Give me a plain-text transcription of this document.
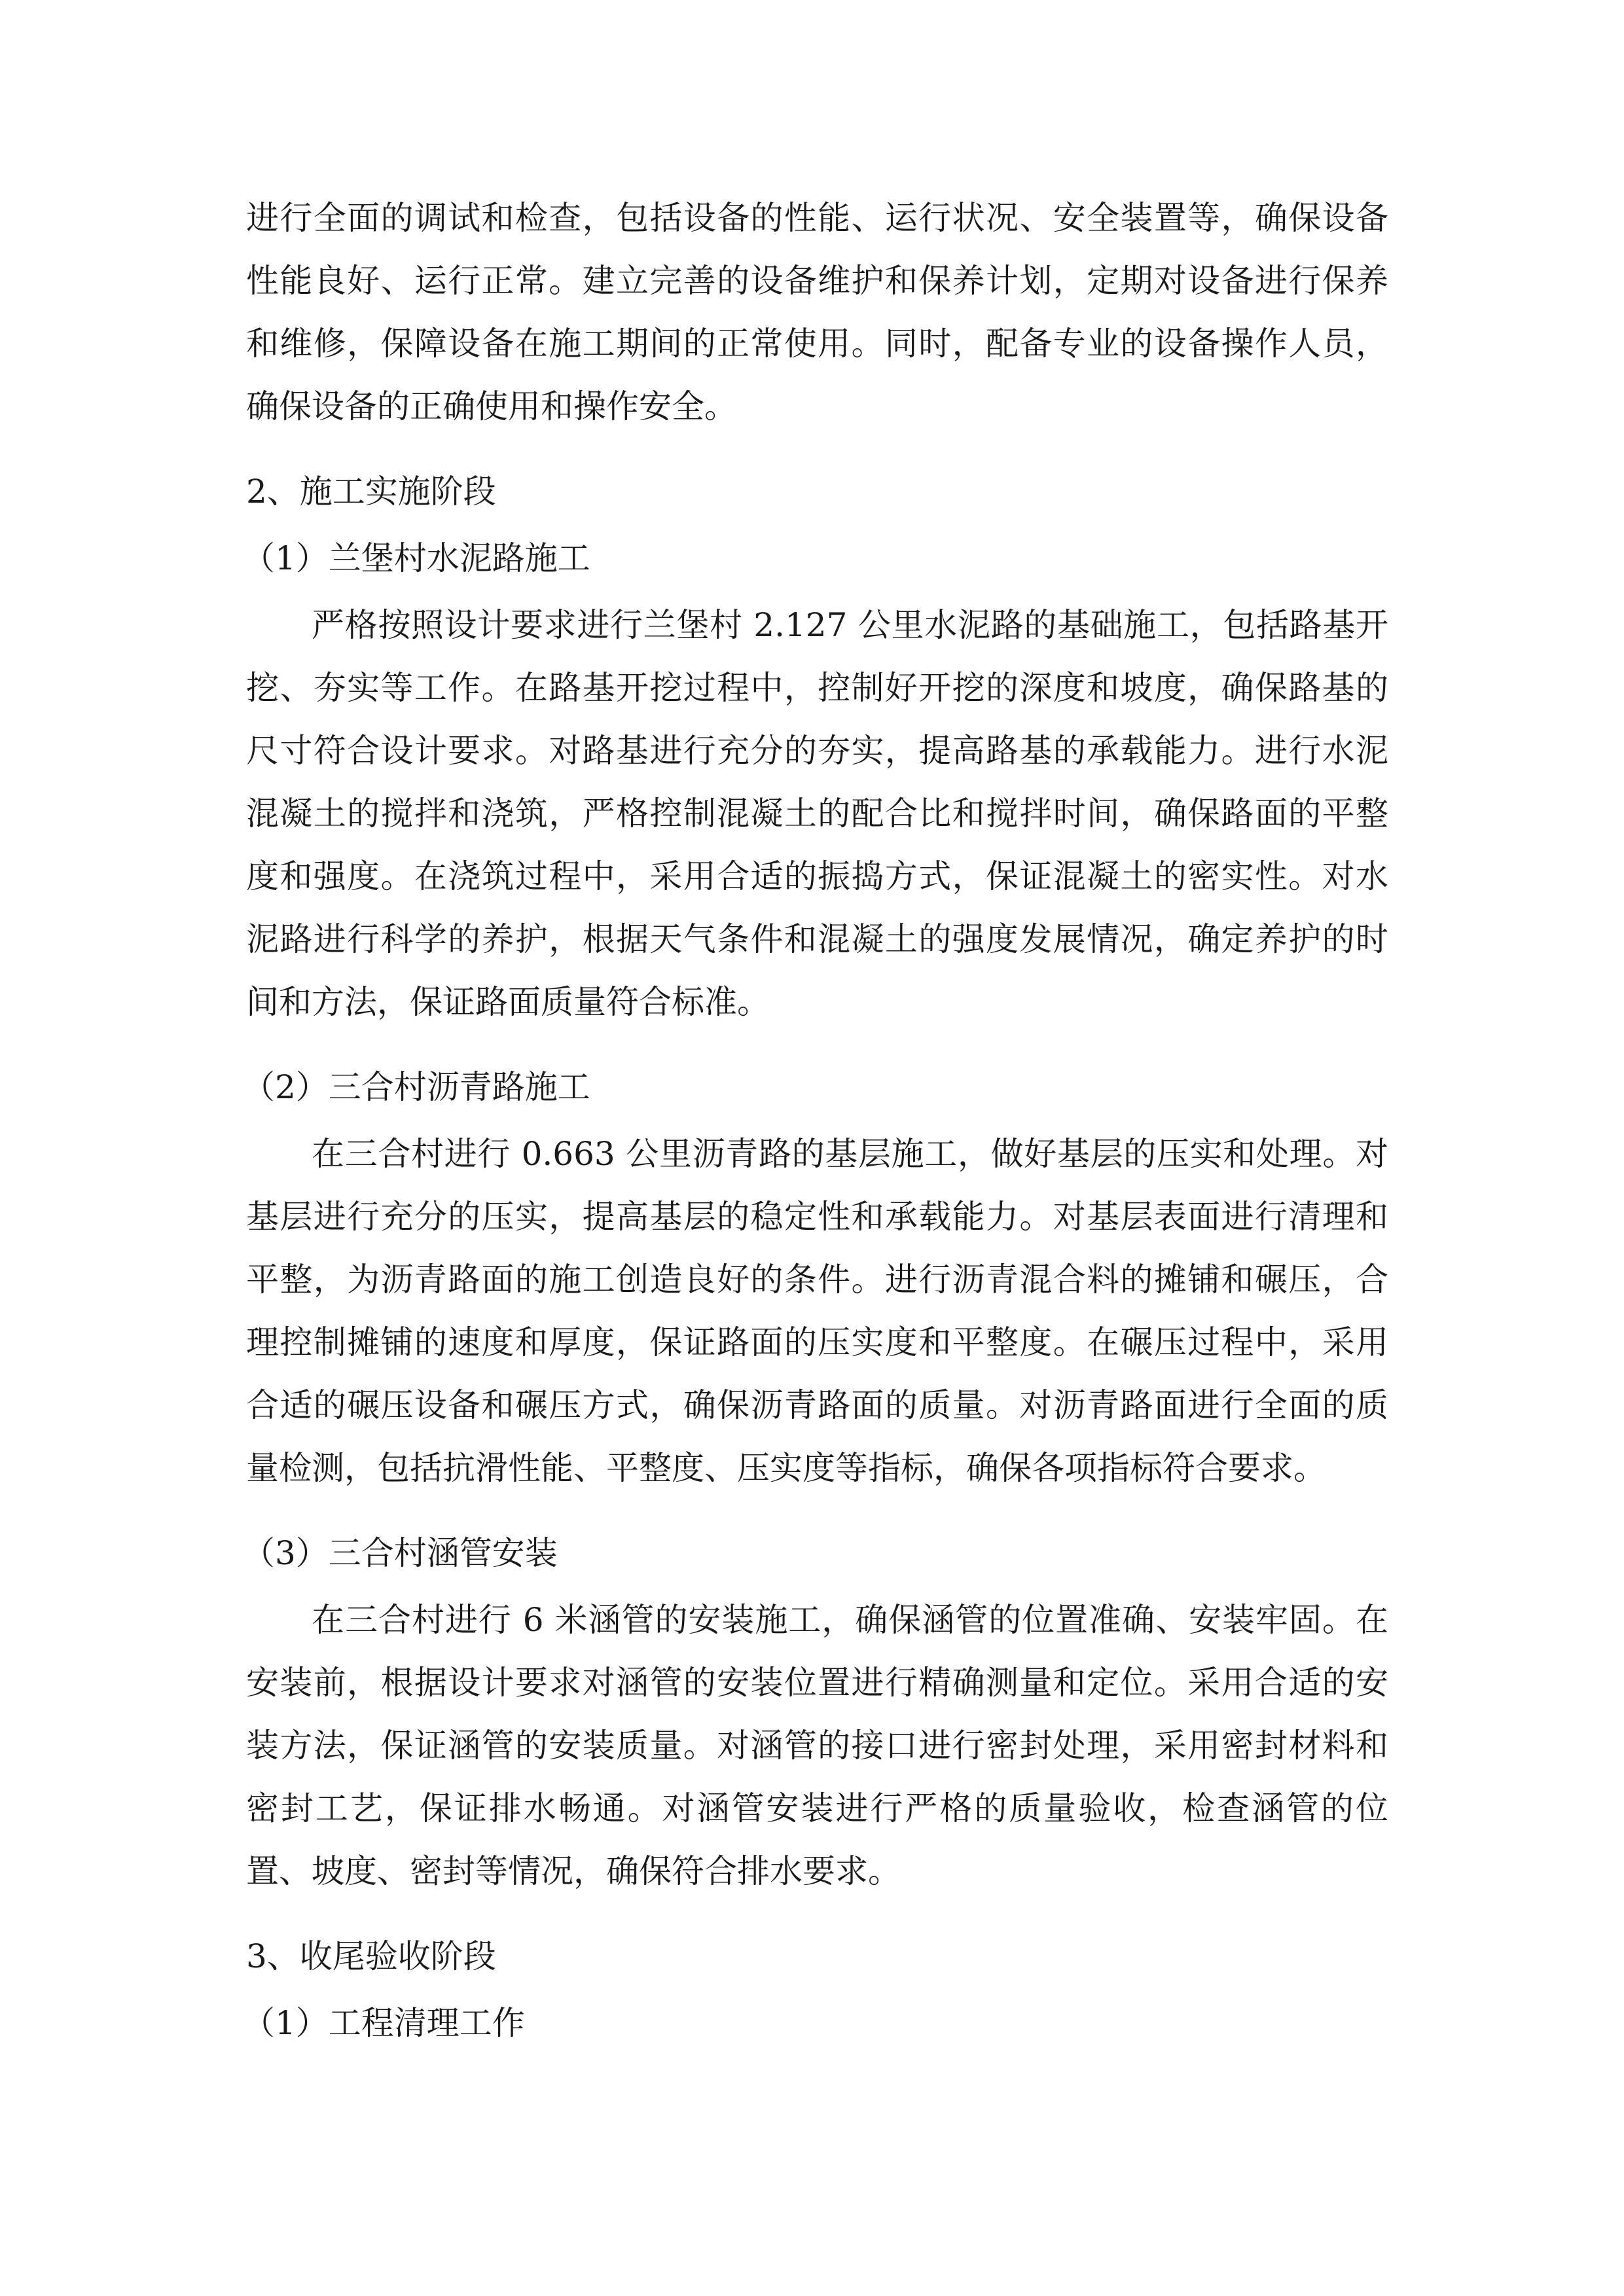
进行全面的调试和检查，包括设备的性能、运行状况、安全装置等，确保设备性能良好、运行正常。建立完善的设备维护和保养计划，定期对设备进行保养和维修，保障设备在施工期间的正常使用。同时，配备专业的设备操作人员，确保设备的正确使用和操作安全。

2、施工实施阶段

（1）兰堡村水泥路施工

严格按照设计要求进行兰堡村 2.127 公里水泥路的基础施工，包括路基开挖、夯实等工作。在路基开挖过程中，控制好开挖的深度和坡度，确保路基的尺寸符合设计要求。对路基进行充分的夯实，提高路基的承载能力。进行水泥混凝土的搅拌和浇筑，严格控制混凝土的配合比和搅拌时间，确保路面的平整度和强度。在浇筑过程中，采用合适的振捣方式，保证混凝土的密实性。对水泥路进行科学的养护，根据天气条件和混凝土的强度发展情况，确定养护的时间和方法，保证路面质量符合标准。

（2）三合村沥青路施工

在三合村进行 0.663 公里沥青路的基层施工，做好基层的压实和处理。对基层进行充分的压实，提高基层的稳定性和承载能力。对基层表面进行清理和平整，为沥青路面的施工创造良好的条件。进行沥青混合料的摊铺和碾压，合理控制摊铺的速度和厚度，保证路面的压实度和平整度。在碾压过程中，采用合适的碾压设备和碾压方式，确保沥青路面的质量。对沥青路面进行全面的质量检测，包括抗滑性能、平整度、压实度等指标，确保各项指标符合要求。

（3）三合村涵管安装

在三合村进行 6 米涵管的安装施工，确保涵管的位置准确、安装牢固。在安装前，根据设计要求对涵管的安装位置进行精确测量和定位。采用合适的安装方法，保证涵管的安装质量。对涵管的接口进行密封处理，采用密封材料和密封工艺，保证排水畅通。对涵管安装进行严格的质量验收，检查涵管的位置、坡度、密封等情况，确保符合排水要求。

3、收尾验收阶段

（1）工程清理工作
